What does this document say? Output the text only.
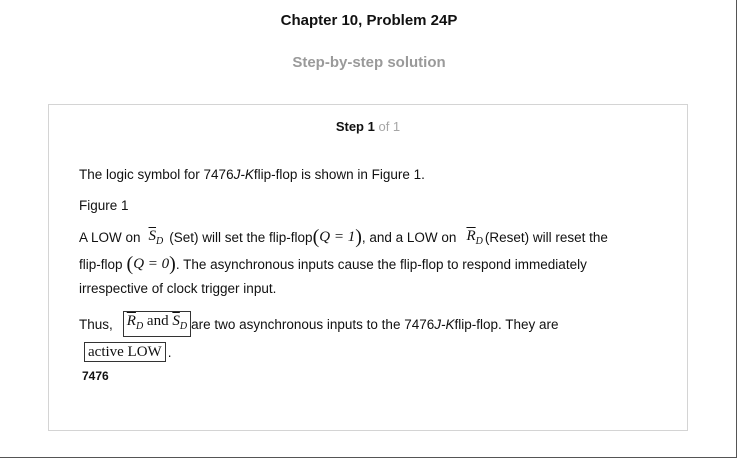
Chapter 10, Problem 24P
Step-by-step solution
Step 1 of 1
The logic symbol for 7476 J-K flip-flop is shown in Figure 1.
Figure 1
A LOW on $\overline{S}_D$ (Set) will set the flip-flop ( Q = 1 ) , and a LOW on $\overline{R}_D$ (Reset) will reset the
flip-flop ( Q = 0 ) . The asynchronous inputs cause the flip-flop to respond immediately
irrespective of clock trigger input.
Thus, $\overline{R}_D$ and $\overline{S}_D$ are two asynchronous inputs to the 7476 J-K flip-flop. They are
active LOW .
7476
